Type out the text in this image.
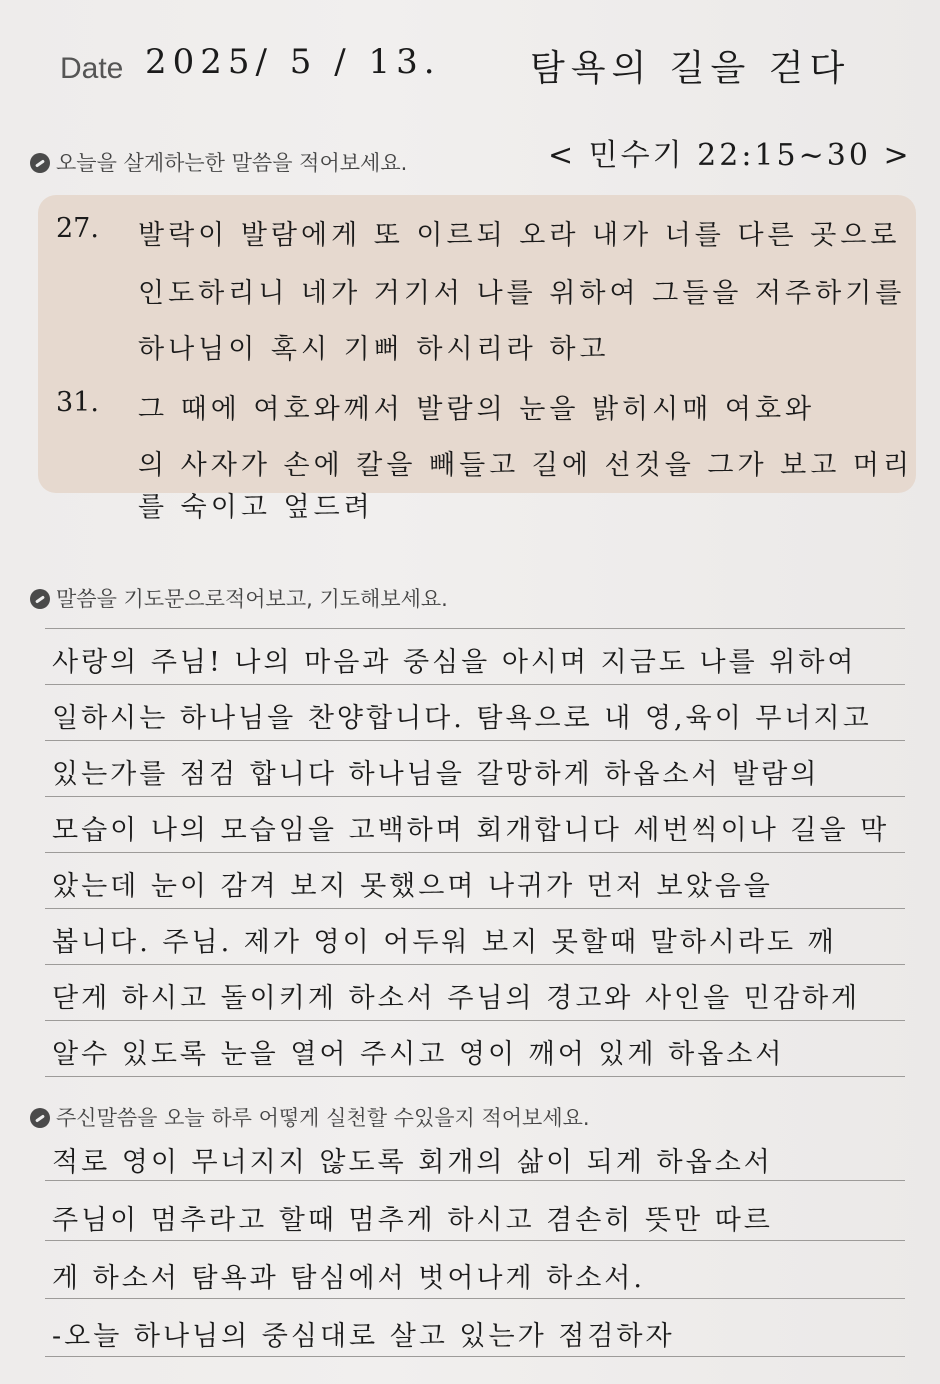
Date 2025/ 5 / 13. 탐욕의 길을 걷다
오늘을 살게하는한 말씀을 적어보세요.	< 민수기 22:15~30 >
27. 발락이 발람에게 또 이르되 오라 내가 너를 다른 곳으로
인도하리니 네가 거기서 나를 위하여 그들을 저주하기를
하나님이 혹시 기뻐 하시리라 하고
31. 그 때에 여호와께서 발람의 눈을 밝히시매 여호와
의 사자가 손에 칼을 빼들고 길에 선것을 그가 보고 머리
를 숙이고 엎드려
말씀을 기도문으로적어보고, 기도해보세요.
사랑의 주님! 나의 마음과 중심을 아시며 지금도 나를 위하여
일하시는 하나님을 찬양합니다. 탐욕으로 내 영,육이 무너지고
있는가를 점검 합니다 하나님을 갈망하게 하옵소서 발람의
모습이 나의 모습임을 고백하며 회개합니다 세번씩이나 길을 막
았는데 눈이 감겨 보지 못했으며 나귀가 먼저 보았음을
봅니다. 주님. 제가 영이 어두워 보지 못할때 말하시라도 깨
닫게 하시고 돌이키게 하소서 주님의 경고와 사인을 민감하게
알수 있도록 눈을 열어 주시고 영이 깨어 있게 하옵소서
주신말씀을 오늘 하루 어떻게 실천할 수있을지 적어보세요.
적로 영이 무너지지 않도록 회개의 삶이 되게 하옵소서
주님이 멈추라고 할때 멈추게 하시고 겸손히 뜻만 따르
게 하소서 탐욕과 탐심에서 벗어나게 하소서.
-오늘 하나님의 중심대로 살고 있는가 점검하자
